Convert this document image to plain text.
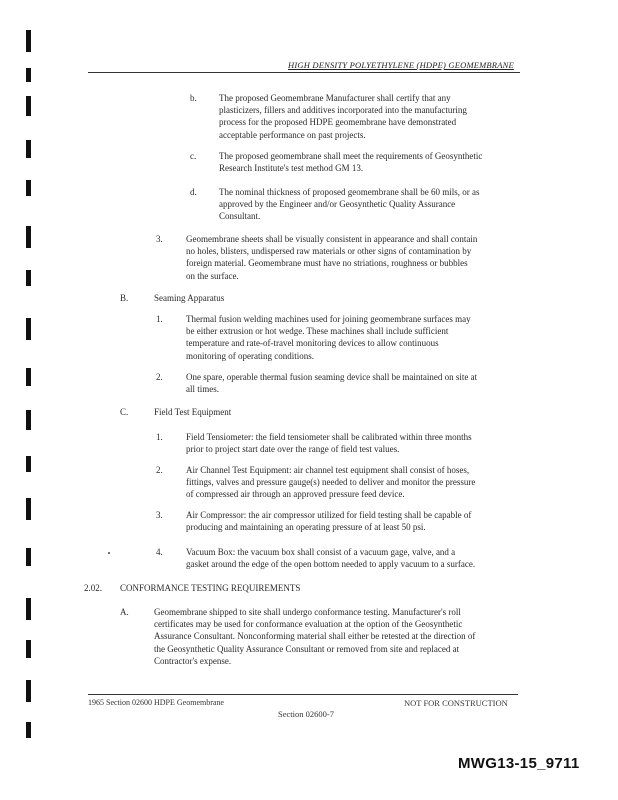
HIGH DENSITY POLYETHYLENE (HDPE) GEOMEMBRANE
b. The proposed Geomembrane Manufacturer shall certify that any
plasticizers, fillers and additives incorporated into the manufacturing
process for the proposed HDPE geomembrane have demonstrated
acceptable performance on past projects.
c.	The proposed geomembrane shall meet the requirements of Geosynthetic
Research Institute's test method GM 13.
d. The nominal thickness of proposed geomembrane shall be 60 mils, or as
approved by the Engineer and/or Geosynthetic Quality Assurance
Consultant.
3.	Geomembrane sheets shall be visually consistent in appearance and shall contain
no holes, blisters, undispersed raw materials or other signs of contamination by
foreign material. Geomembrane must have no striations, roughness or bubbles
on the surface.
B.	Seaming Apparatus
1.	Thermal fusion welding machines used for joining geomembrane surfaces may
be either extrusion or hot wedge. These machines shall include sufficient
temperature and rate-of-travel monitoring devices to allow continuous
monitoring of operating conditions.
2.	One spare, operable thermal fusion seaming device shall be maintained on site at
all times.
C.	Field Test Equipment
1.	Field Tensiometer: the field tensiometer shall be calibrated within three months
prior to project start date over the range of field test values.
2.	Air Channel Test Equipment: air channel test equipment shall consist of hoses,
fittings, valves and pressure gauge(s) needed to deliver and monitor the pressure
of compressed air through an approved pressure feed device.
3.	Air Compressor: the air compressor utilized for field testing shall be capable of
producing and maintaining an operating pressure of at least 50 psi.
4.	Vacuum Box: the vacuum box shall consist of a vacuum gage, valve, and a
gasket around the edge of the open bottom needed to apply vacuum to a surface.
2.02. CONFORMANCE TESTING REQUIREMENTS
A.	Geomembrane shipped to site shall undergo conformance testing. Manufacturer's roll
certificates may be used for conformance evaluation at the option of the Geosynthetic
Assurance Consultant. Nonconforming material shall either be retested at the direction of
the Geosynthetic Quality Assurance Consultant or removed from site and replaced at
Contractor's expense.
1965 Section 02600 HDPE Geomembrane	NOT FOR CONSTRUCTION
Section 02600-7
MWG13-15_9711
